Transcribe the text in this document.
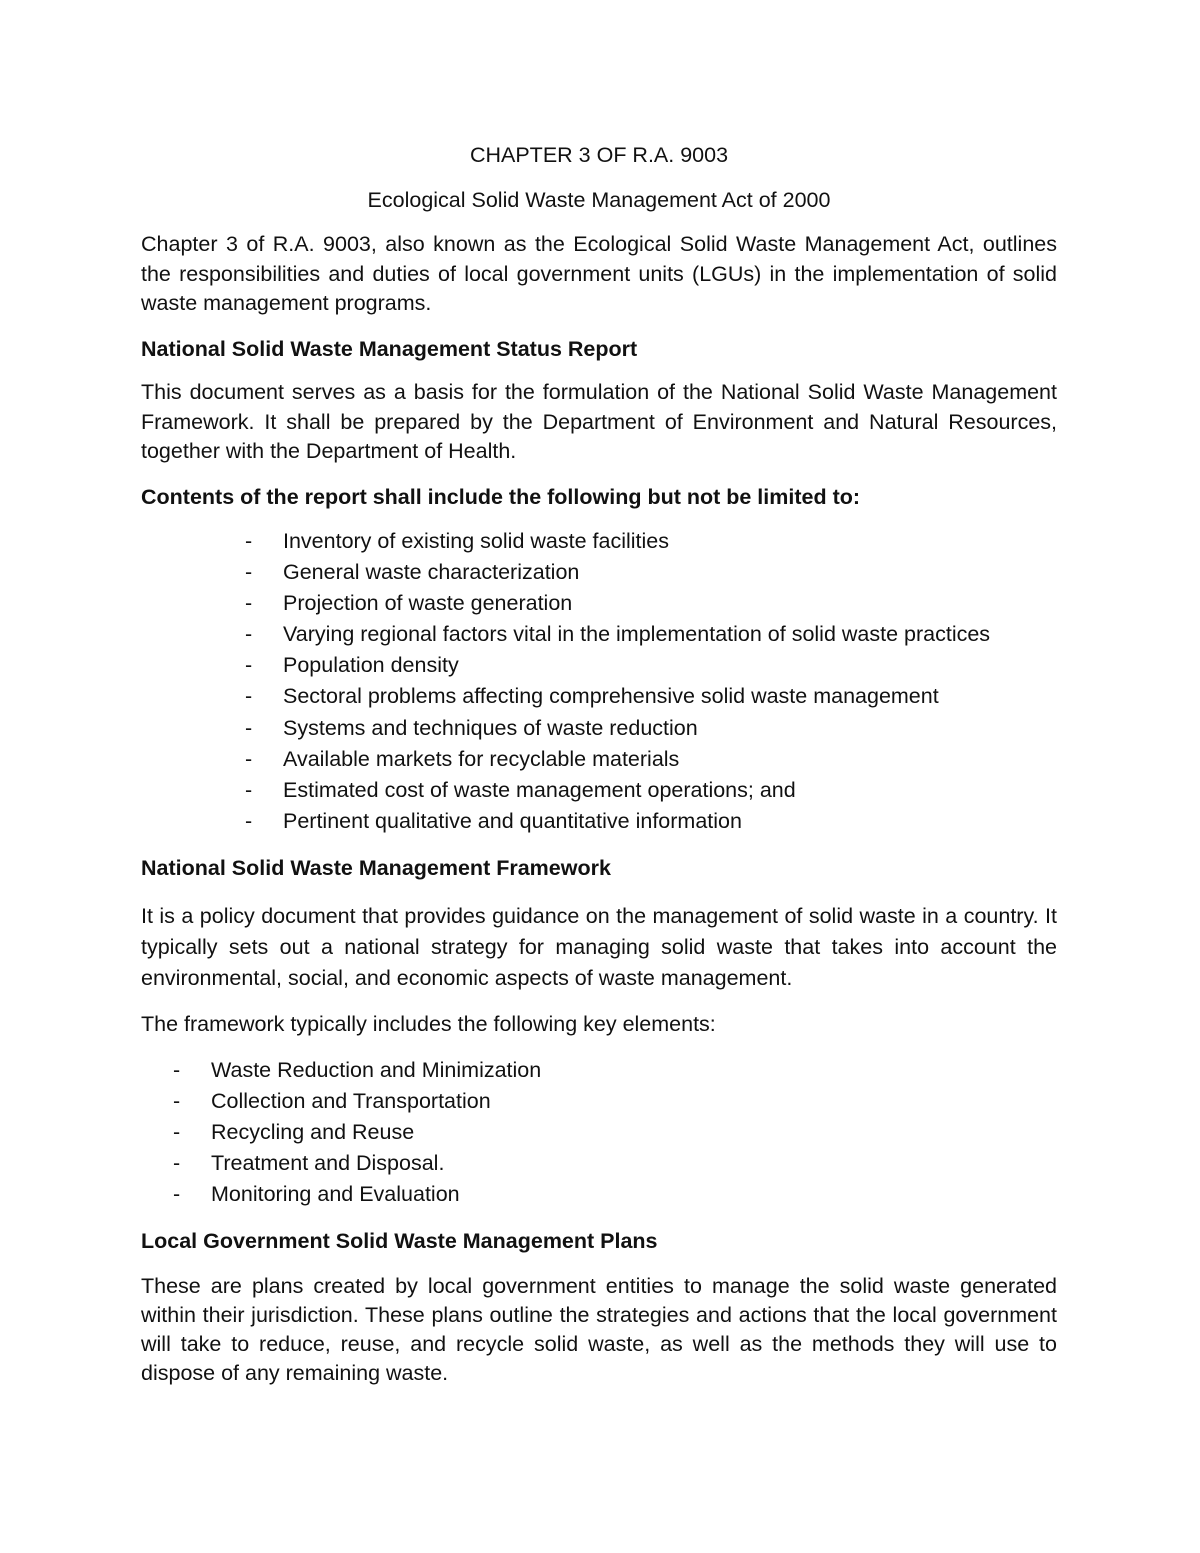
CHAPTER 3 OF R.A. 9003

Ecological Solid Waste Management Act of 2000

Chapter 3 of R.A. 9003, also known as the Ecological Solid Waste Management Act, outlines the responsibilities and duties of local government units (LGUs) in the implementation of solid waste management programs.

National Solid Waste Management Status Report

This document serves as a basis for the formulation of the National Solid Waste Management Framework. It shall be prepared by the Department of Environment and Natural Resources, together with the Department of Health.

Contents of the report shall include the following but not be limited to:

- Inventory of existing solid waste facilities
- General waste characterization
- Projection of waste generation
- Varying regional factors vital in the implementation of solid waste practices
- Population density
- Sectoral problems affecting comprehensive solid waste management
- Systems and techniques of waste reduction
- Available markets for recyclable materials
- Estimated cost of waste management operations; and
- Pertinent qualitative and quantitative information

National Solid Waste Management Framework

It is a policy document that provides guidance on the management of solid waste in a country. It typically sets out a national strategy for managing solid waste that takes into account the environmental, social, and economic aspects of waste management.

The framework typically includes the following key elements:

- Waste Reduction and Minimization
- Collection and Transportation
- Recycling and Reuse
- Treatment and Disposal.
- Monitoring and Evaluation

Local Government Solid Waste Management Plans

These are plans created by local government entities to manage the solid waste generated within their jurisdiction. These plans outline the strategies and actions that the local government will take to reduce, reuse, and recycle solid waste, as well as the methods they will use to dispose of any remaining waste.
